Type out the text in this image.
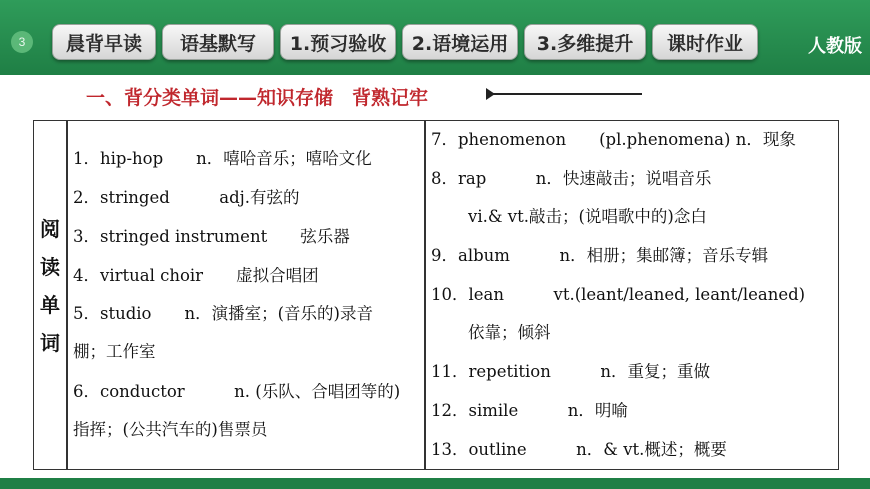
3	晨背早读	语基默写	1.预习验收	2.语境运用	3.多维提升	课时作业	人教版
一、背分类单词——知识存储　背熟记牢
阅
读
单
词
1．hip-hop　　n．嘻哈音乐；嘻哈文化
2．stringed　　　adj.有弦的
3．stringed instrument　　弦乐器
4．virtual choir　　虚拟合唱团
5．studio　　n．演播室；(音乐的)录音
棚；工作室
6．conductor　　　n. (乐队、合唱团等的)
指挥；(公共汽车的)售票员
7．phenomenon　　(pl.phenomena) n．现象
8．rap　　　n．快速敲击；说唱音乐
vi.& vt.敲击；(说唱歌中的)念白
9．album　　　n．相册；集邮簿；音乐专辑
10．lean　　　vt.(leant/leaned, leant/leaned)
依靠；倾斜
11．repetition　　　n．重复；重做
12．simile　　　n．明喻
13．outline　　　n．& vt.概述；概要
